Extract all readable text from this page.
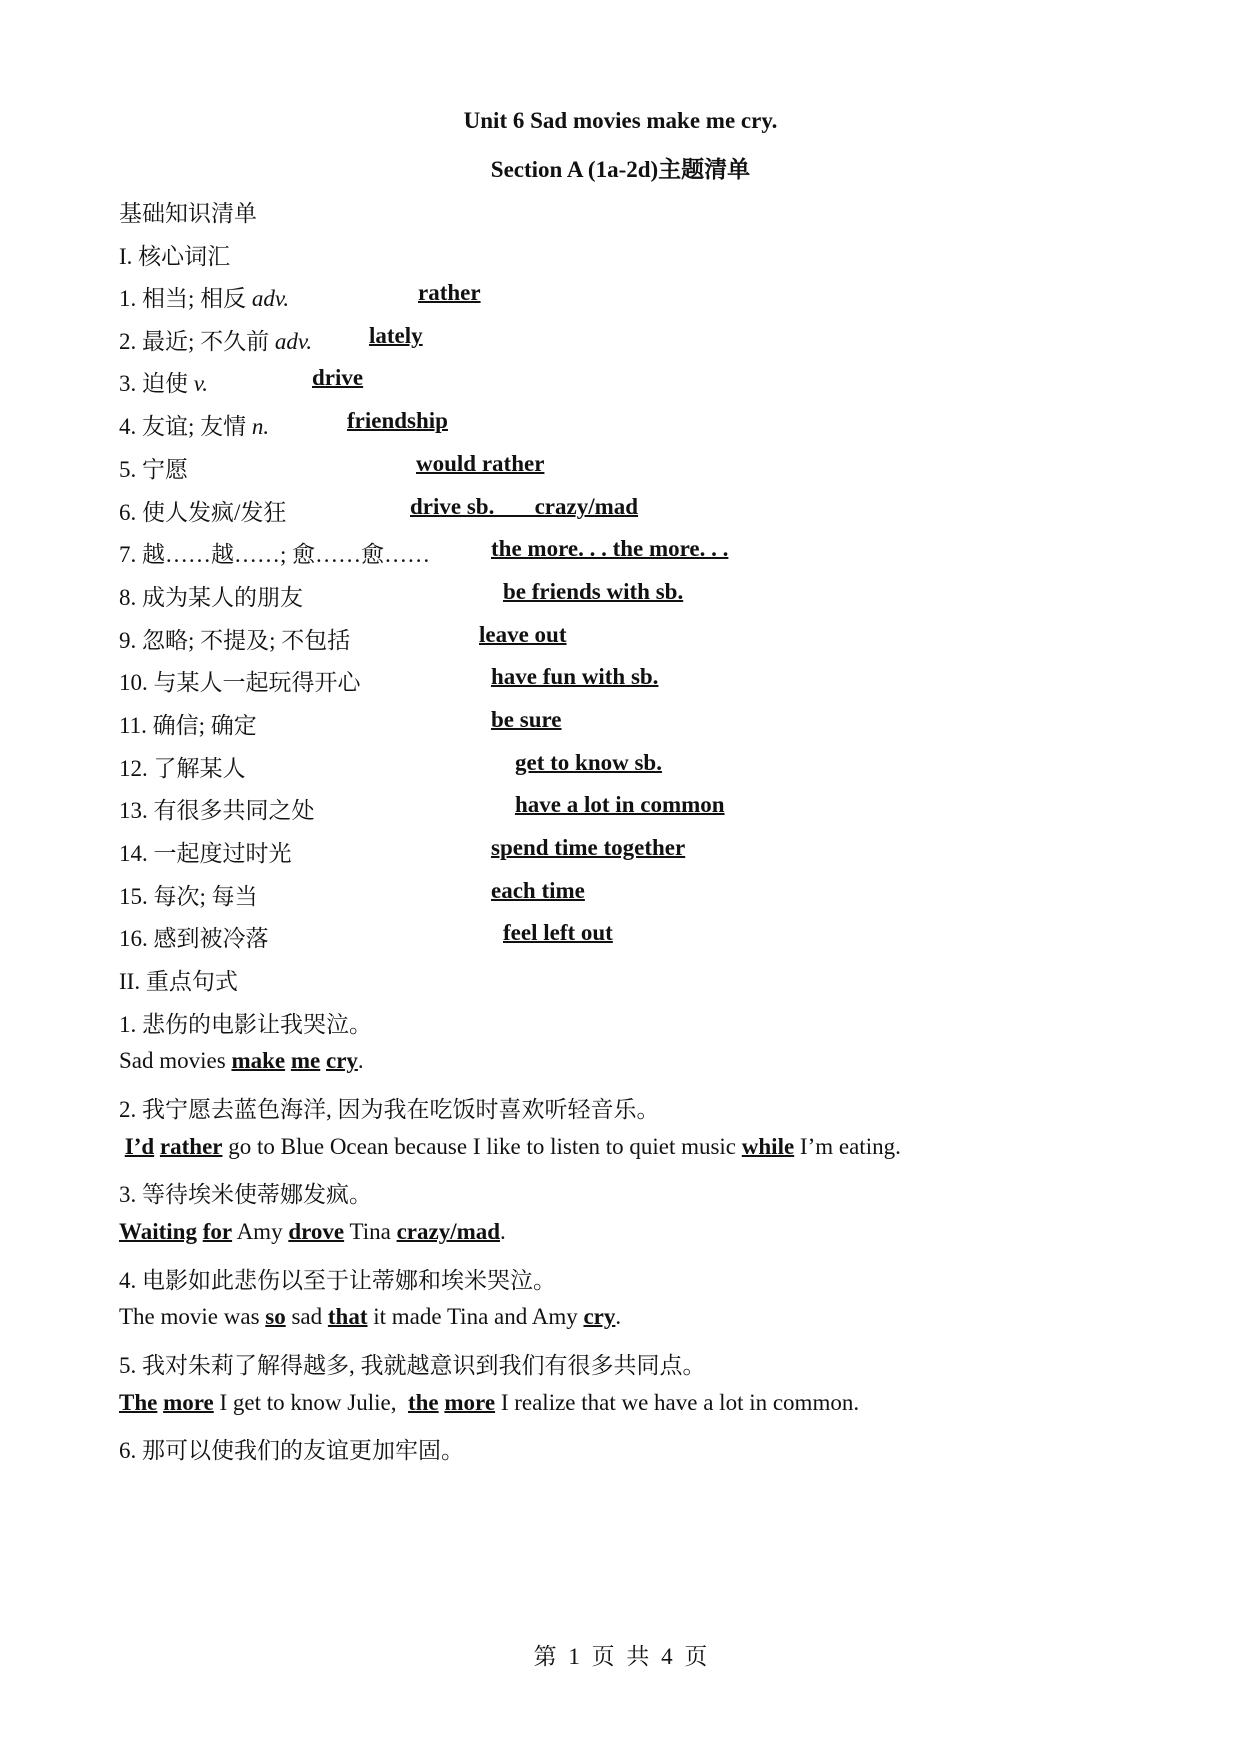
Unit 6 Sad movies make me cry.
Section A (1a-2d)主题清单
基础知识清单
I. 核心词汇
1. 相当; 相反 adv.	rather
2. 最近; 不久前 adv. lately
3. 迫使 v.	drive
4. 友谊; 友情 n.	friendship
5. 宁愿	would rather
6. 使人发疯/发狂	drive sb.       crazy/mad
7. 越……越……; 愈……愈……	the more. . . the more. . .
8. 成为某人的朋友	be friends with sb.
9. 忽略; 不提及; 不包括	leave out
10. 与某人一起玩得开心	have fun with sb.
11. 确信; 确定	be sure
12. 了解某人	get to know sb.
13. 有很多共同之处	have a lot in common
14. 一起度过时光	spend time together
15. 每次; 每当	each time
16. 感到被冷落	feel left out
II. 重点句式
1. 悲伤的电影让我哭泣。
Sad movies make me cry.
2. 我宁愿去蓝色海洋, 因为我在吃饭时喜欢听轻音乐。
I’d rather go to Blue Ocean because I like to listen to quiet music while I’m eating.
3. 等待埃米使蒂娜发疯。
Waiting for Amy drove Tina crazy/mad.
4. 电影如此悲伤以至于让蒂娜和埃米哭泣。
The movie was so sad that it made Tina and Amy cry.
5. 我对朱莉了解得越多, 我就越意识到我们有很多共同点。
The more I get to know Julie,  the more I realize that we have a lot in common.
6. 那可以使我们的友谊更加牢固。
第 1 页 共 4 页
